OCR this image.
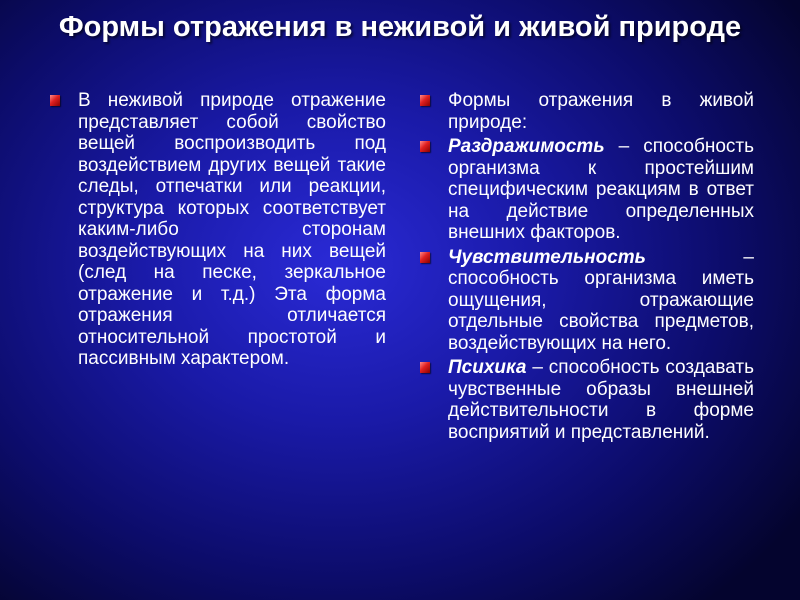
Формы отражения в неживой и живой природе
В неживой природе отражение представляет собой свойство вещей воспроизводить под воздействием других вещей такие следы, отпечатки или реакции, структура которых соответствует каким-либо сторонам воздействующих на них вещей (след на песке, зеркальное отражение и т.д.) Эта форма отражения отличается относительной простотой и пассивным характером.
Формы отражения в живой природе:
Раздражимость – способность организма к простейшим специфическим реакциям в ответ на действие определенных внешних факторов.
Чувствительность – способность организма иметь ощущения, отражающие отдельные свойства предметов, воздействующих на него.
Психика – способность создавать чувственные образы внешней действительности в форме восприятий и представлений.
